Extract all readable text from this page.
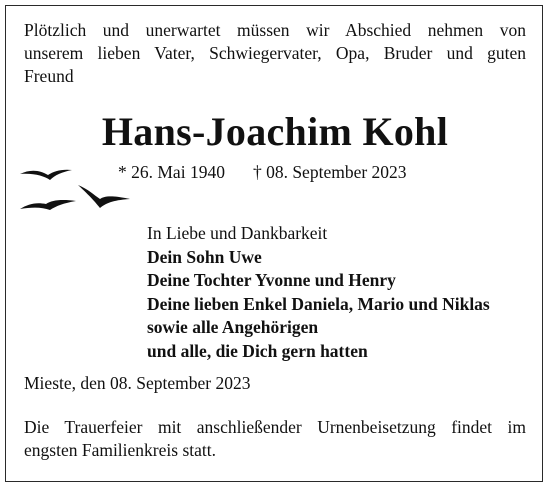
Plötzlich und unerwartet müssen wir Abschied nehmen von
unserem lieben Vater, Schwiegervater, Opa, Bruder und guten
Freund
Hans-Joachim Kohl
* 26. Mai 1940 † 08. September 2023
In Liebe und Dankbarkeit
Dein Sohn Uwe
Deine Tochter Yvonne und Henry
Deine lieben Enkel Daniela, Mario und Niklas
sowie alle Angehörigen
und alle, die Dich gern hatten
Mieste, den 08. September 2023
Die Trauerfeier mit anschließender Urnenbeisetzung findet im
engsten Familienkreis statt.
